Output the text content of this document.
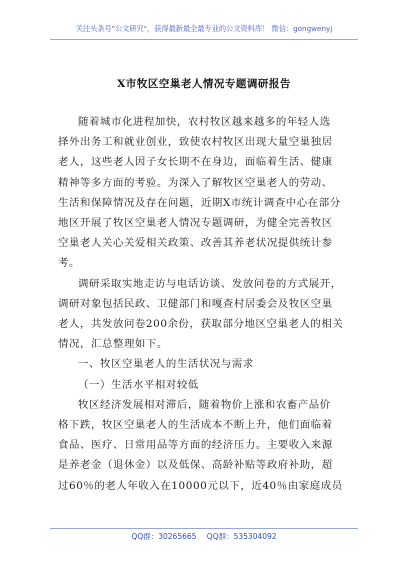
关注头条号"公文研究"，获得最新最全最专业的公文资料库！ 微信：gongwenyj
X市牧区空巢老人情况专题调研报告

随着城市化进程加快，农村牧区越来越多的年轻人选
择外出务工和就业创业，致使农村牧区出现大量空巢独居
老人，这些老人因子女长期不在身边，面临着生活、健康
精神等多方面的考验。为深入了解牧区空巢老人的劳动、
生活和保障情况及存在问题，近期X市统计调查中心在部分
地区开展了牧区空巢老人情况专题调研，为健全完善牧区
空巢老人关心关爱相关政策、改善其养老状况提供统计参
考。
调研采取实地走访与电话访谈、发放问卷的方式展开，
调研对象包括民政、卫健部门和嘎查村居委会及牧区空巢
老人，共发放问卷200余份，获取部分地区空巢老人的相关
情况，汇总整理如下。
一、牧区空巢老人的生活状况与需求
（一）生活水平相对较低
牧区经济发展相对滞后，随着物价上涨和农畜产品价
格下跌，牧区空巢老人的生活成本不断上升，他们面临着
食品、医疗、日常用品等方面的经济压力。主要收入来源
是养老金（退休金）以及低保、高龄补贴等政府补助，超
过60％的老人年收入在10000元以下，近40％由家庭成员

QQ群：30265665 QQ群：535304092
